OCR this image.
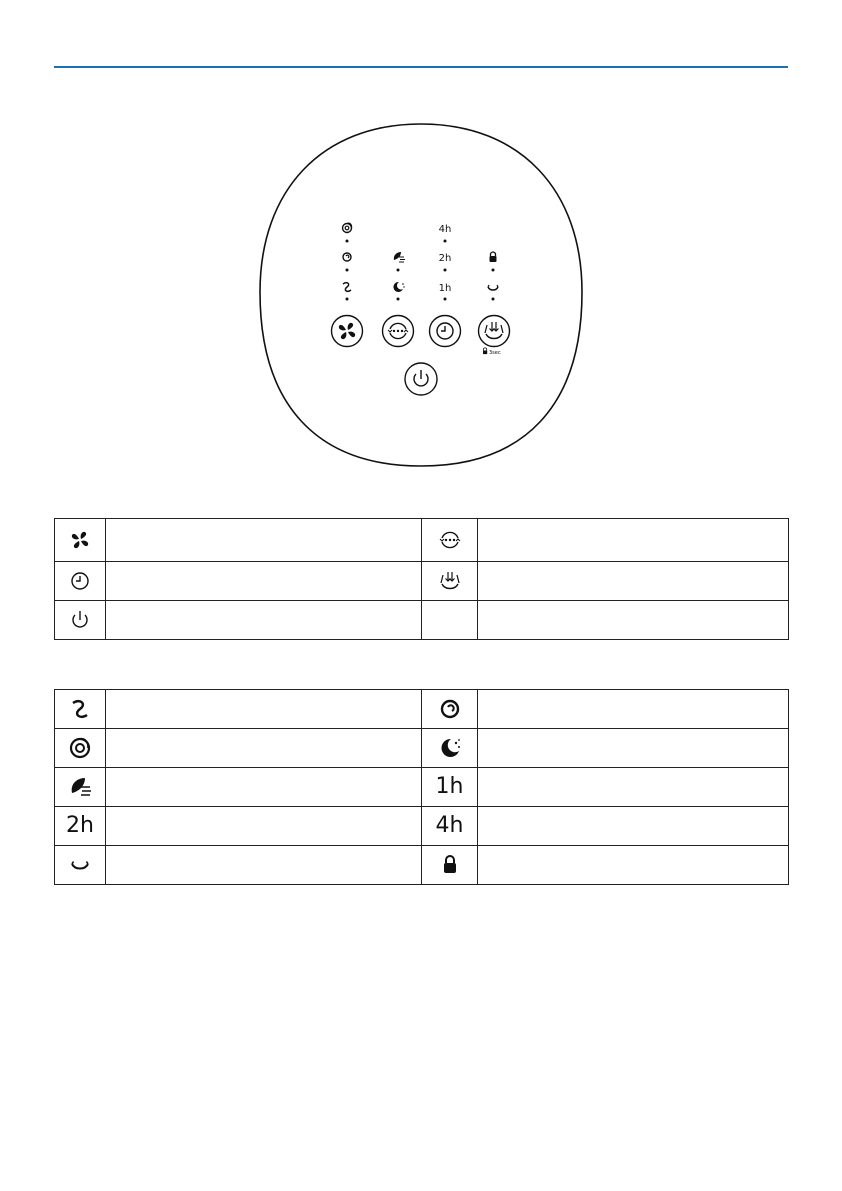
4h
2h
1h
3sec

		1h	
2h		4h	
